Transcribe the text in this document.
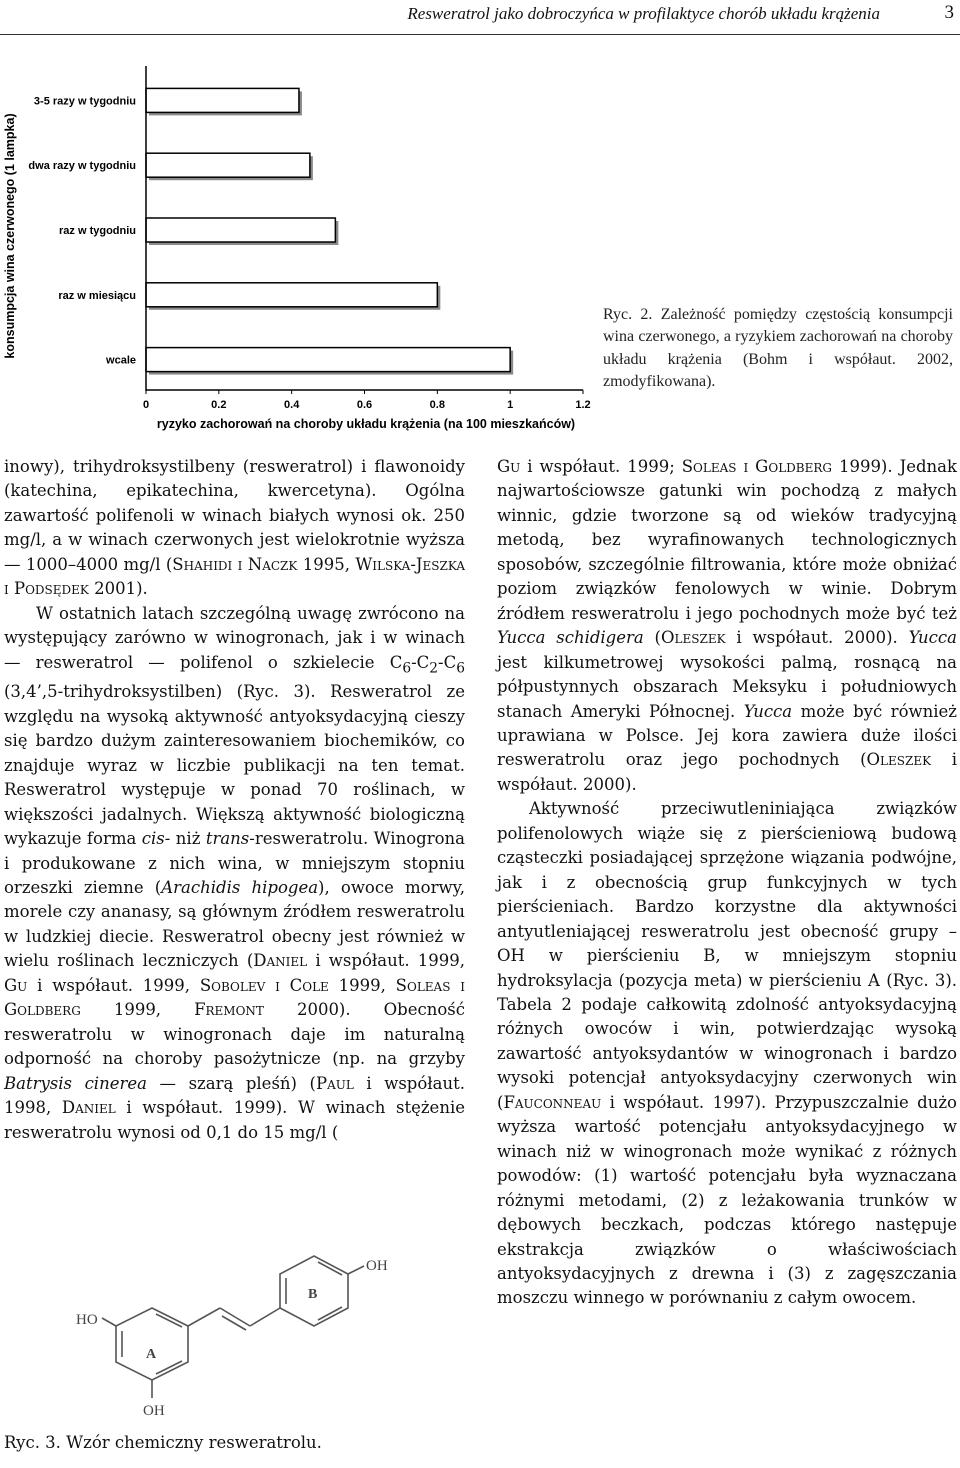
Resweratrol jako dobroczyńca w profilaktyce chorób układu krążenia	3
3-5 razy w tygodniu
dwa razy w tygodniu
raz w tygodniu
raz w miesiącu
wcale
0	0.2	0.4	0.6	0.8	1	1.2
konsumpcja wina czerwonego (1 lampka)
ryzyko zachorowań na choroby układu krążenia (na 100 mieszkańców)
Ryc. 2. Zależność pomiędzy częstością konsumpcji wina czerwonego, a ryzykiem zachorowań na choroby układu krążenia (Bohm i współaut. 2002, zmodyfikowana).

inowy), trihydroksystilbeny (resweratrol) i flawonoidy (katechina, epikatechina, kwercetyna). Ogólna zawartość polifenoli w winach białych wynosi ok. 250 mg/l, a w winach czerwonych jest wielokrotnie wyższa — 1000–4000 mg/l (Shahidi i Naczk 1995, Wilska-Jeszka i Podsędek 2001).

W ostatnich latach szczególną uwagę zwrócono na występujący zarówno w winogronach, jak i w winach — resweratrol — polifenol o szkielecie $C_6-C_2-C_6$ (3,4’,5-trihydroksystilben) (Ryc. 3). Resweratrol ze względu na wysoką aktywność antyoksydacyjną cieszy się bardzo dużym zainteresowaniem biochemików, co znajduje wyraz w liczbie publikacji na ten temat. Resweratrol występuje w ponad 70 roślinach, w większości jadalnych. Większą aktywność biologiczną wykazuje forma cis- niż trans-resweratrolu. Winogrona i produkowane z nich wina, w mniejszym stopniu orzeszki ziemne (Arachidis hipogea), owoce morwy, morele czy ananasy, są głównym źródłem resweratrolu w ludzkiej diecie. Resweratrol obecny jest również w wielu roślinach leczniczych (Daniel i współaut. 1999, Gu i współaut. 1999, Sobolev i Cole 1999, Soleas i Goldberg 1999, Fremont 2000). Obecność resweratrolu w winogronach daje im naturalną odporność na choroby pasożytnicze (np. na grzyby Batrysis cinerea — szarą pleśń) (Paul i współaut. 1998, Daniel i współaut. 1999). W winach stężenie resweratrolu wynosi od 0,1 do 15 mg/l (

Gu i współaut. 1999; Soleas i Goldberg 1999). Jednak najwartościowsze gatunki win pochodzą z małych winnic, gdzie tworzone są od wieków tradycyjną metodą, bez wyrafinowanych technologicznych sposobów, szczególnie filtrowania, które może obniżać poziom związków fenolowych w winie. Dobrym źródłem resweratrolu i jego pochodnych może być też Yucca schidigera (Oleszek i współaut. 2000). Yucca jest kilkumetrowej wysokości palmą, rosnącą na półpustynnych obszarach Meksyku i południowych stanach Ameryki Północnej. Yucca może być również uprawiana w Polsce. Jej kora zawiera duże ilości resweratrolu oraz jego pochodnych (Oleszek i współaut. 2000).

Aktywność przeciwutleniniająca związków polifenolowych wiąże się z pierścieniową budową cząsteczki posiadającej sprzężone wiązania podwójne, jak i z obecnością grup funkcyjnych w tych pierścieniach. Bardzo korzystne dla aktywności antyutleniającej resweratrolu jest obecność grupy –OH w pierścieniu B, w mniejszym stopniu hydroksylacja (pozycja meta) w pierścieniu A (Ryc. 3). Tabela 2 podaje całkowitą zdolność antyoksydacyjną różnych owoców i win, potwierdzając wysoką zawartość antyoksydantów w winogronach i bardzo wysoki potencjał antyoksydacyjny czerwonych win (Fauconneau i współaut. 1997). Przypuszczalnie dużo wyższa wartość potencjału antyoksydacyjnego w winach niż w winogronach może wynikać z różnych powodów: (1) wartość potencjału była wyznaczana różnymi metodami, (2) z leżakowania trunków w dębowych beczkach, podczas którego następuje ekstrakcja związków o właściwościach antyoksydacyjnych z drewna i (3) z zagęszczania moszczu winnego w porównaniu z całym owocem.

OH
HO
OH
A
B
Ryc. 3. Wzór chemiczny resweratrolu.
